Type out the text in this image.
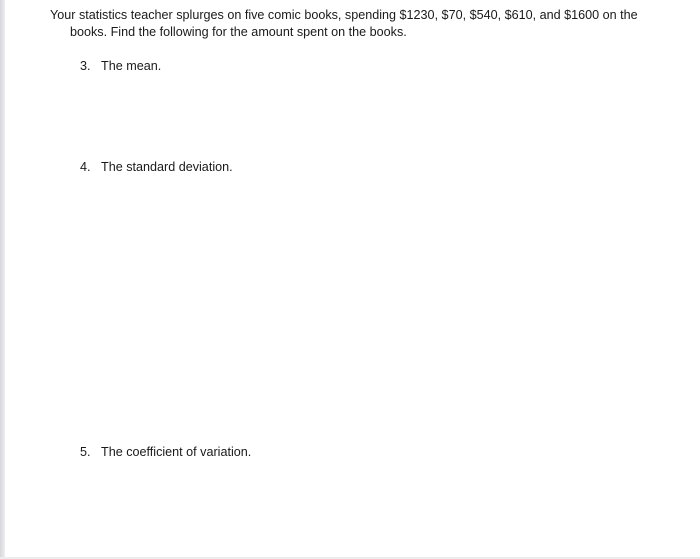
Your statistics teacher splurges on five comic books, spending $1230, $70, $540, $610, and $1600 on the
books. Find the following for the amount spent on the books.

3. The mean.
4. The standard deviation.
5. The coefficient of variation.
